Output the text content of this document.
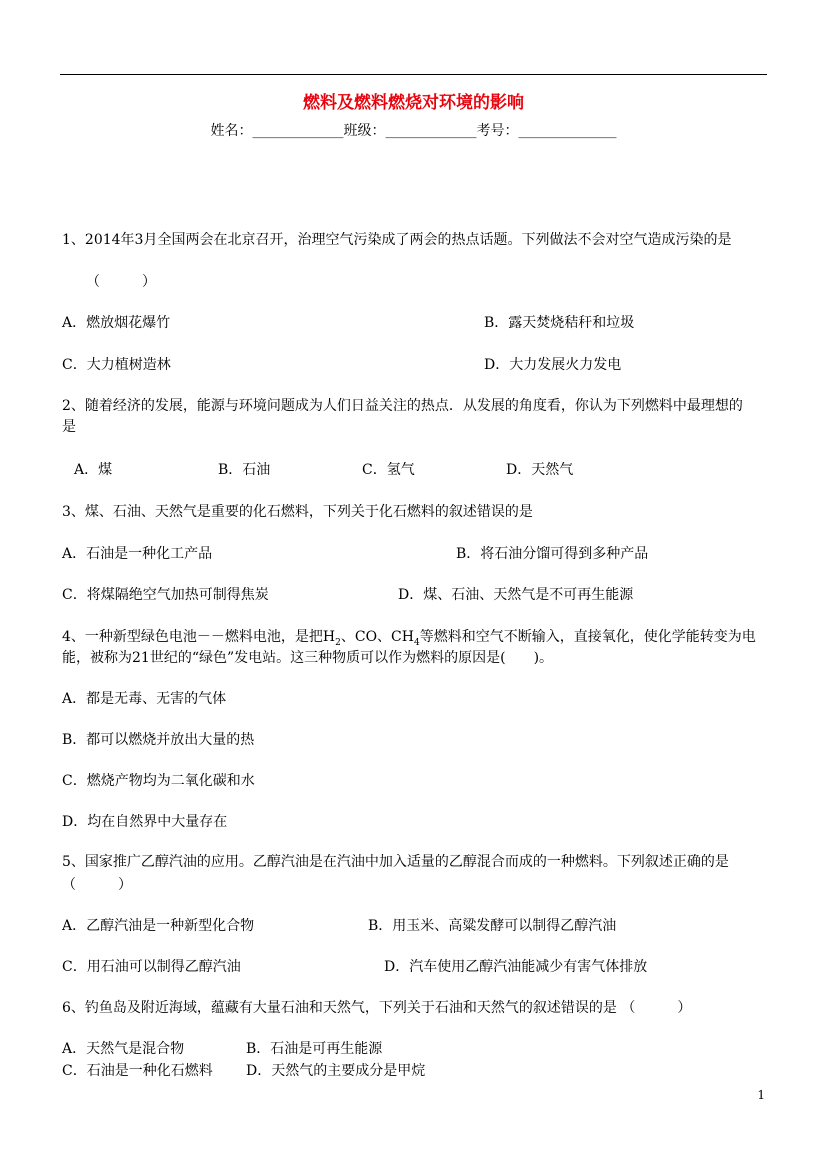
燃料及燃料燃烧对环境的影响
姓名：_____________班级：_____________考号：______________
1、2014年3月全国两会在北京召开，治理空气污染成了两会的热点话题。下列做法不会对空气造成污染的是
（　　　）
A．燃放烟花爆竹	B．露天焚烧秸秆和垃圾
C．大力植树造林	D．大力发展火力发电
2、随着经济的发展，能源与环境问题成为人们日益关注的热点．从发展的角度看，你认为下列燃料中最理想的
是
A．煤	B．石油	C．氢气	D．天然气
3、煤、石油、天然气是重要的化石燃料，下列关于化石燃料的叙述错误的是
A．石油是一种化工产品	B．将石油分馏可得到多种产品
C．将煤隔绝空气加热可制得焦炭	D．煤、石油、天然气是不可再生能源
4、一种新型绿色电池－－燃料电池，是把$H_2$、CO、$CH_4$等燃料和空气不断输入，直接氧化，使化学能转变为电
能，被称为21世纪的“绿色”发电站。这三种物质可以作为燃料的原因是(　　)。
A．都是无毒、无害的气体
B．都可以燃烧并放出大量的热
C．燃烧产物均为二氧化碳和水
D．均在自然界中大量存在
5、国家推广乙醇汽油的应用。乙醇汽油是在汽油中加入适量的乙醇混合而成的一种燃料。下列叙述正确的是
（　　　）
A．乙醇汽油是一种新型化合物	B．用玉米、高粱发酵可以制得乙醇汽油
C．用石油可以制得乙醇汽油	D．汽车使用乙醇汽油能减少有害气体排放
6、钓鱼岛及附近海域，蕴藏有大量石油和天然气，下列关于石油和天然气的叙述错误的是 （　　　）
A．天然气是混合物	B．石油是可再生能源
C．石油是一种化石燃料 D．天然气的主要成分是甲烷
1
